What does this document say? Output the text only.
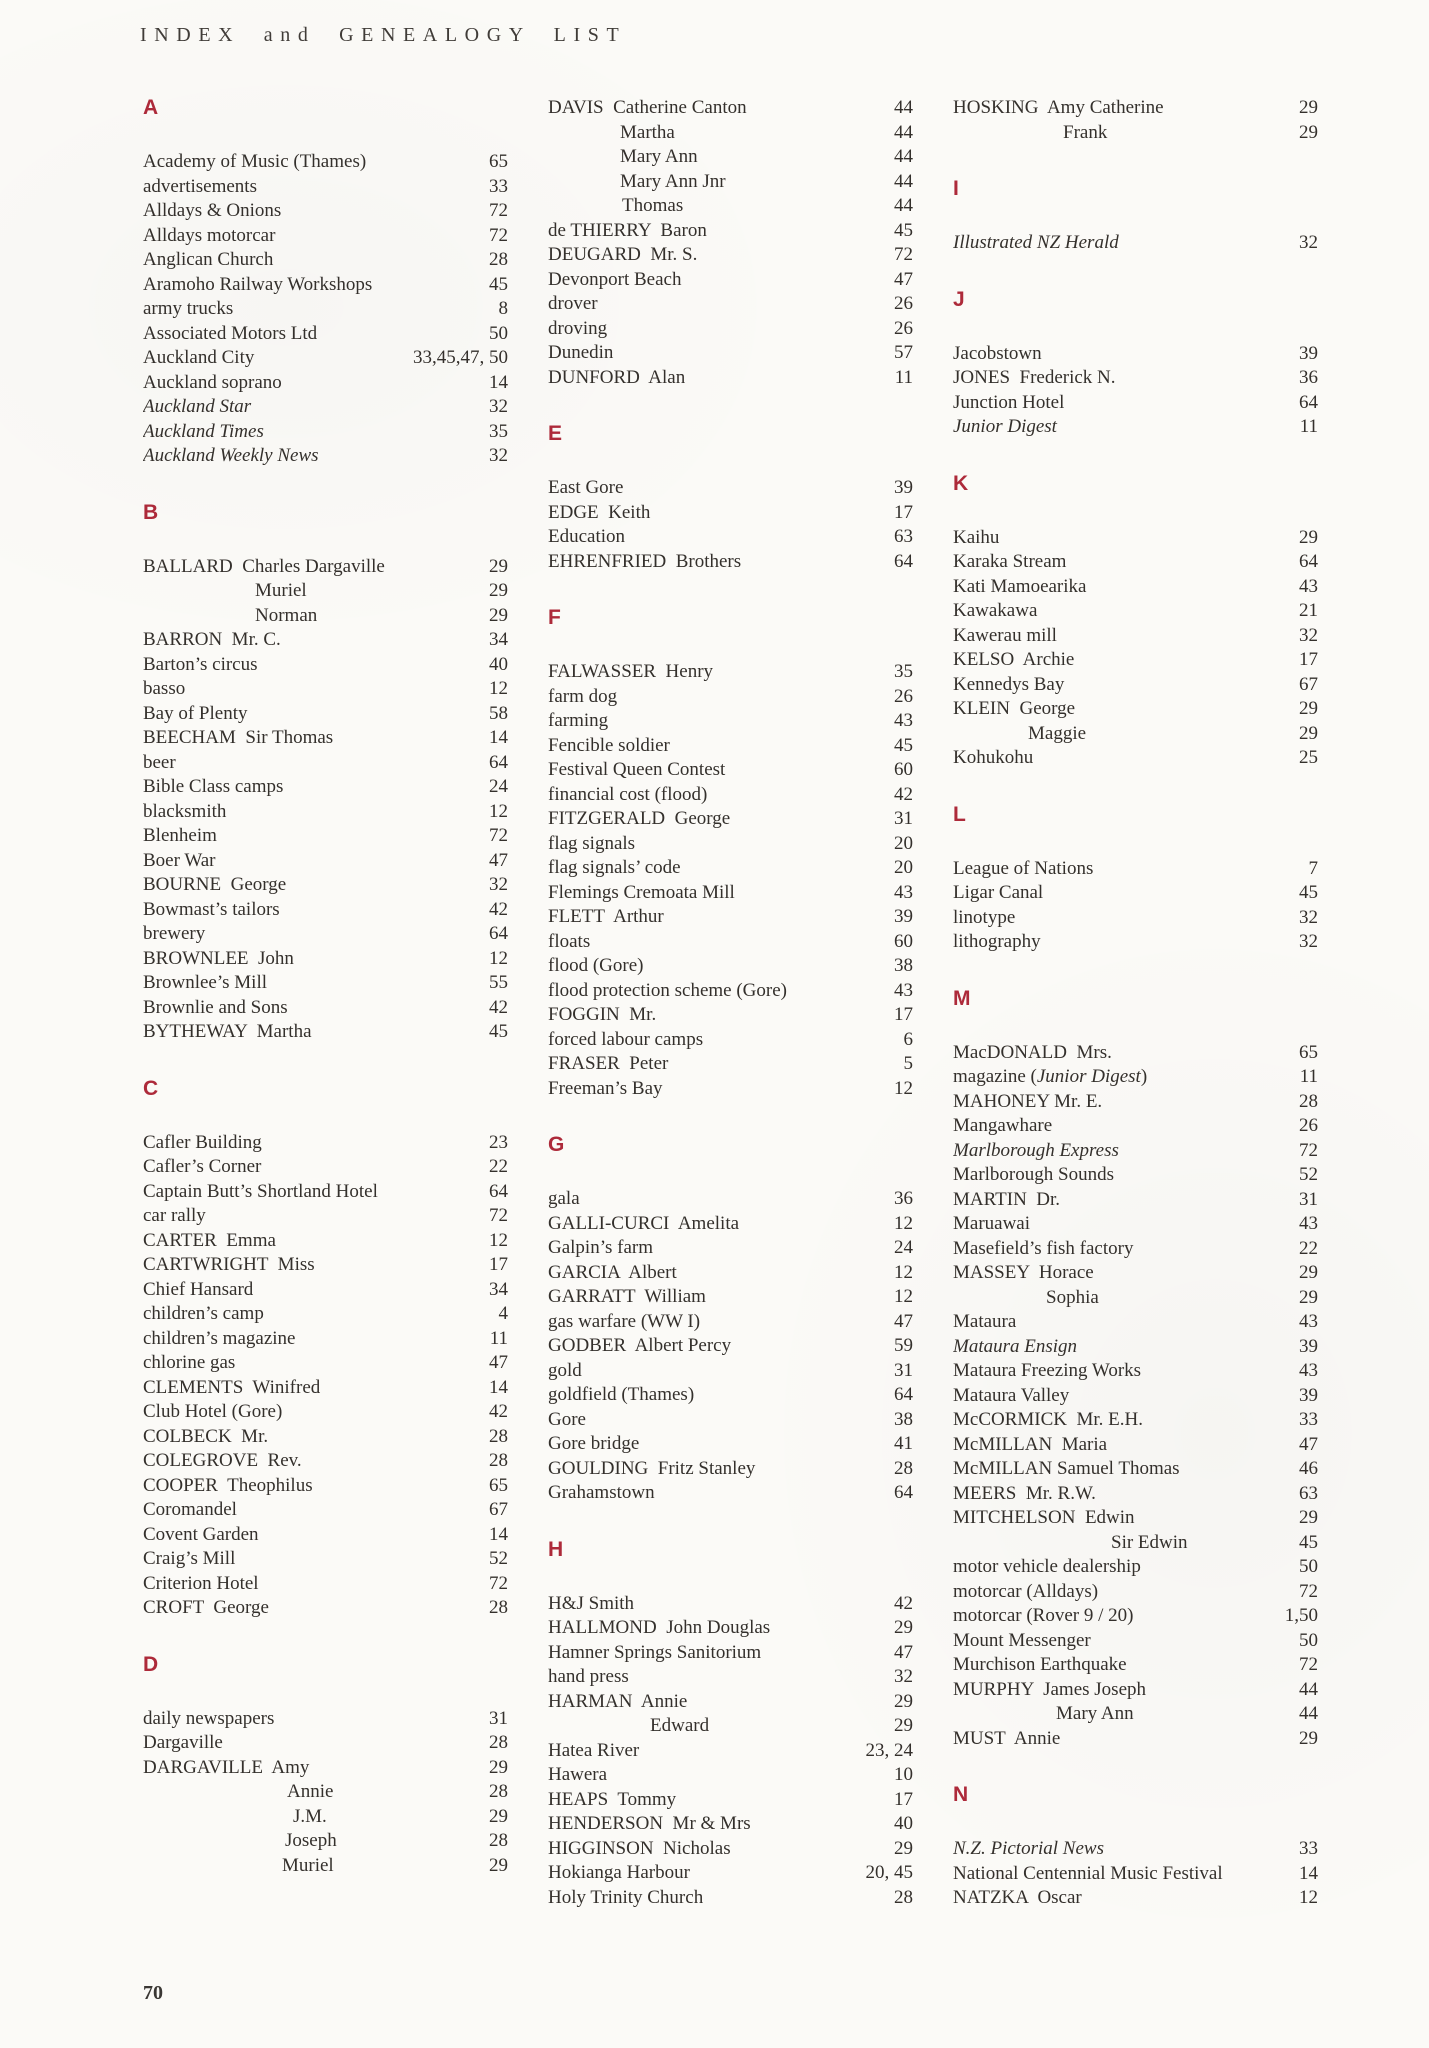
INDEX and GENEALOGY LIST
A
Academy of Music (Thames)	65
advertisements	33
Alldays & Onions	72
Alldays motorcar	72
Anglican Church	28
Aramoho Railway Workshops	45
army trucks	8
Associated Motors Ltd	50
Auckland City	33,45,47, 50
Auckland soprano	14
Auckland Star	32
Auckland Times	35
Auckland Weekly News	32
B
BALLARD  Charles Dargaville	29
Muriel	29
Norman	29
BARRON  Mr. C.	34
Barton’s circus	40
basso	12
Bay of Plenty	58
BEECHAM  Sir Thomas	14
beer	64
Bible Class camps	24
blacksmith	12
Blenheim	72
Boer War	47
BOURNE  George	32
Bowmast’s tailors	42
brewery	64
BROWNLEE  John	12
Brownlee’s Mill	55
Brownlie and Sons	42
BYTHEWAY  Martha	45
C
Cafler Building	23
Cafler’s Corner	22
Captain Butt’s Shortland Hotel	64
car rally	72
CARTER  Emma	12
CARTWRIGHT  Miss	17
Chief Hansard	34
children’s camp	4
children’s magazine	11
chlorine gas	47
CLEMENTS  Winifred	14
Club Hotel (Gore)	42
COLBECK  Mr.	28
COLEGROVE  Rev.	28
COOPER  Theophilus	65
Coromandel	67
Covent Garden	14
Craig’s Mill	52
Criterion Hotel	72
CROFT  George	28
D
daily newspapers	31
Dargaville	28
DARGAVILLE  Amy	29
Annie	28
J.M.	29
Joseph	28
Muriel	29
DAVIS  Catherine Canton	44
Martha	44
Mary Ann	44
Mary Ann Jnr	44
Thomas	44
de THIERRY  Baron	45
DEUGARD  Mr. S.	72
Devonport Beach	47
drover	26
droving	26
Dunedin	57
DUNFORD  Alan	11
E
East Gore	39
EDGE  Keith	17
Education	63
EHRENFRIED  Brothers	64
F
FALWASSER  Henry	35
farm dog	26
farming	43
Fencible soldier	45
Festival Queen Contest	60
financial cost (flood)	42
FITZGERALD  George	31
flag signals	20
flag signals’ code	20
Flemings Cremoata Mill	43
FLETT  Arthur	39
floats	60
flood (Gore)	38
flood protection scheme (Gore)	43
FOGGIN  Mr.	17
forced labour camps	6
FRASER  Peter	5
Freeman’s Bay	12
G
gala	36
GALLI-CURCI  Amelita	12
Galpin’s farm	24
GARCIA  Albert	12
GARRATT  William	12
gas warfare (WW I)	47
GODBER  Albert Percy	59
gold	31
goldfield (Thames)	64
Gore	38
Gore bridge	41
GOULDING  Fritz Stanley	28
Grahamstown	64
H
H&J Smith	42
HALLMOND  John Douglas	29
Hamner Springs Sanitorium	47
hand press	32
HARMAN  Annie	29
Edward	29
Hatea River	23, 24
Hawera	10
HEAPS  Tommy	17
HENDERSON  Mr & Mrs	40
HIGGINSON  Nicholas	29
Hokianga Harbour	20, 45
Holy Trinity Church	28
HOSKING  Amy Catherine	29
Frank	29
I
Illustrated NZ Herald	32
J
Jacobstown	39
JONES  Frederick N.	36
Junction Hotel	64
Junior Digest	11
K
Kaihu	29
Karaka Stream	64
Kati Mamoearika	43
Kawakawa	21
Kawerau mill	32
KELSO  Archie	17
Kennedys Bay	67
KLEIN  George	29
Maggie	29
Kohukohu	25
L
League of Nations	7
Ligar Canal	45
linotype	32
lithography	32
M
MacDONALD  Mrs.	65
magazine (Junior Digest)	11
MAHONEY Mr. E.	28
Mangawhare	26
Marlborough Express	72
Marlborough Sounds	52
MARTIN  Dr.	31
Maruawai	43
Masefield’s fish factory	22
MASSEY  Horace	29
Sophia	29
Mataura	43
Mataura Ensign	39
Mataura Freezing Works	43
Mataura Valley	39
McCORMICK  Mr. E.H.	33
McMILLAN  Maria	47
McMILLAN Samuel Thomas	46
MEERS  Mr. R.W.	63
MITCHELSON  Edwin	29
Sir Edwin	45
motor vehicle dealership	50
motorcar (Alldays)	72
motorcar (Rover 9 / 20)	1,50
Mount Messenger	50
Murchison Earthquake	72
MURPHY  James Joseph	44
Mary Ann	44
MUST  Annie	29
N
N.Z. Pictorial News	33
National Centennial Music Festival	14
NATZKA  Oscar	12
70
